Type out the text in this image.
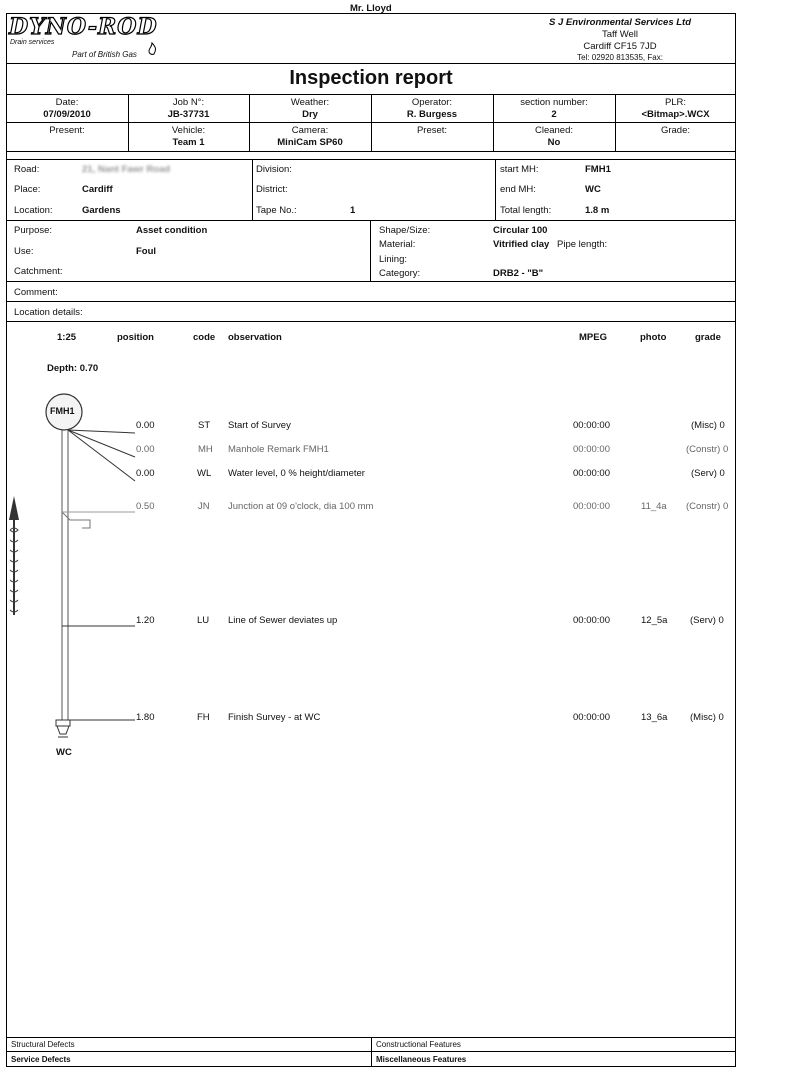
Mr. Lloyd
DYNO-ROD
Drain services
Part of British Gas
S J Environmental Services Ltd
Taff Well
Cardiff CF15 7JD
Tel: 02920 813535, Fax:
Inspection report
Date:
07/09/2010
Job N°:
JB-37731
Weather:
Dry
Operator:
R. Burgess
section number:
2
PLR:
<Bitmap>.WCX
Present:	Vehicle:
Team 1
Camera:
MiniCam SP60
Preset:	Cleaned:
No
Grade:
Road:	21, Nant Fawr Road
Place:	Cardiff
Location:	Gardens
Division:
District:
Tape No.:	1
start MH:	FMH1
end MH:	WC
Total length:	1.8 m
Purpose:	Asset condition
Use:	Foul
Catchment:
Shape/Size:	Circular 100
Material:	Vitrified clay Pipe length:
Lining:
Category:	DRB2 - "B"
Comment:
Location details:
1:25	position	code observation	MPEG	photo	grade
Depth: 0.70
FMH1
WC
0.00	ST Start of Survey	00:00:00	(Misc) 0
0.00	MH Manhole Remark FMH1	00:00:00	(Constr) 0
0.00	WL Water level, 0 % height/diameter	00:00:00	(Serv) 0
0.50	JN Junction at 09 o'clock, dia 100 mm	00:00:00	11_4a (Constr) 0
1.20	LU Line of Sewer deviates up	00:00:00	12_5a (Serv) 0
1.80	FH Finish Survey - at WC	00:00:00	13_6a (Misc) 0
Structural Defects	Constructional Features
Service Defects	Miscellaneous Features
